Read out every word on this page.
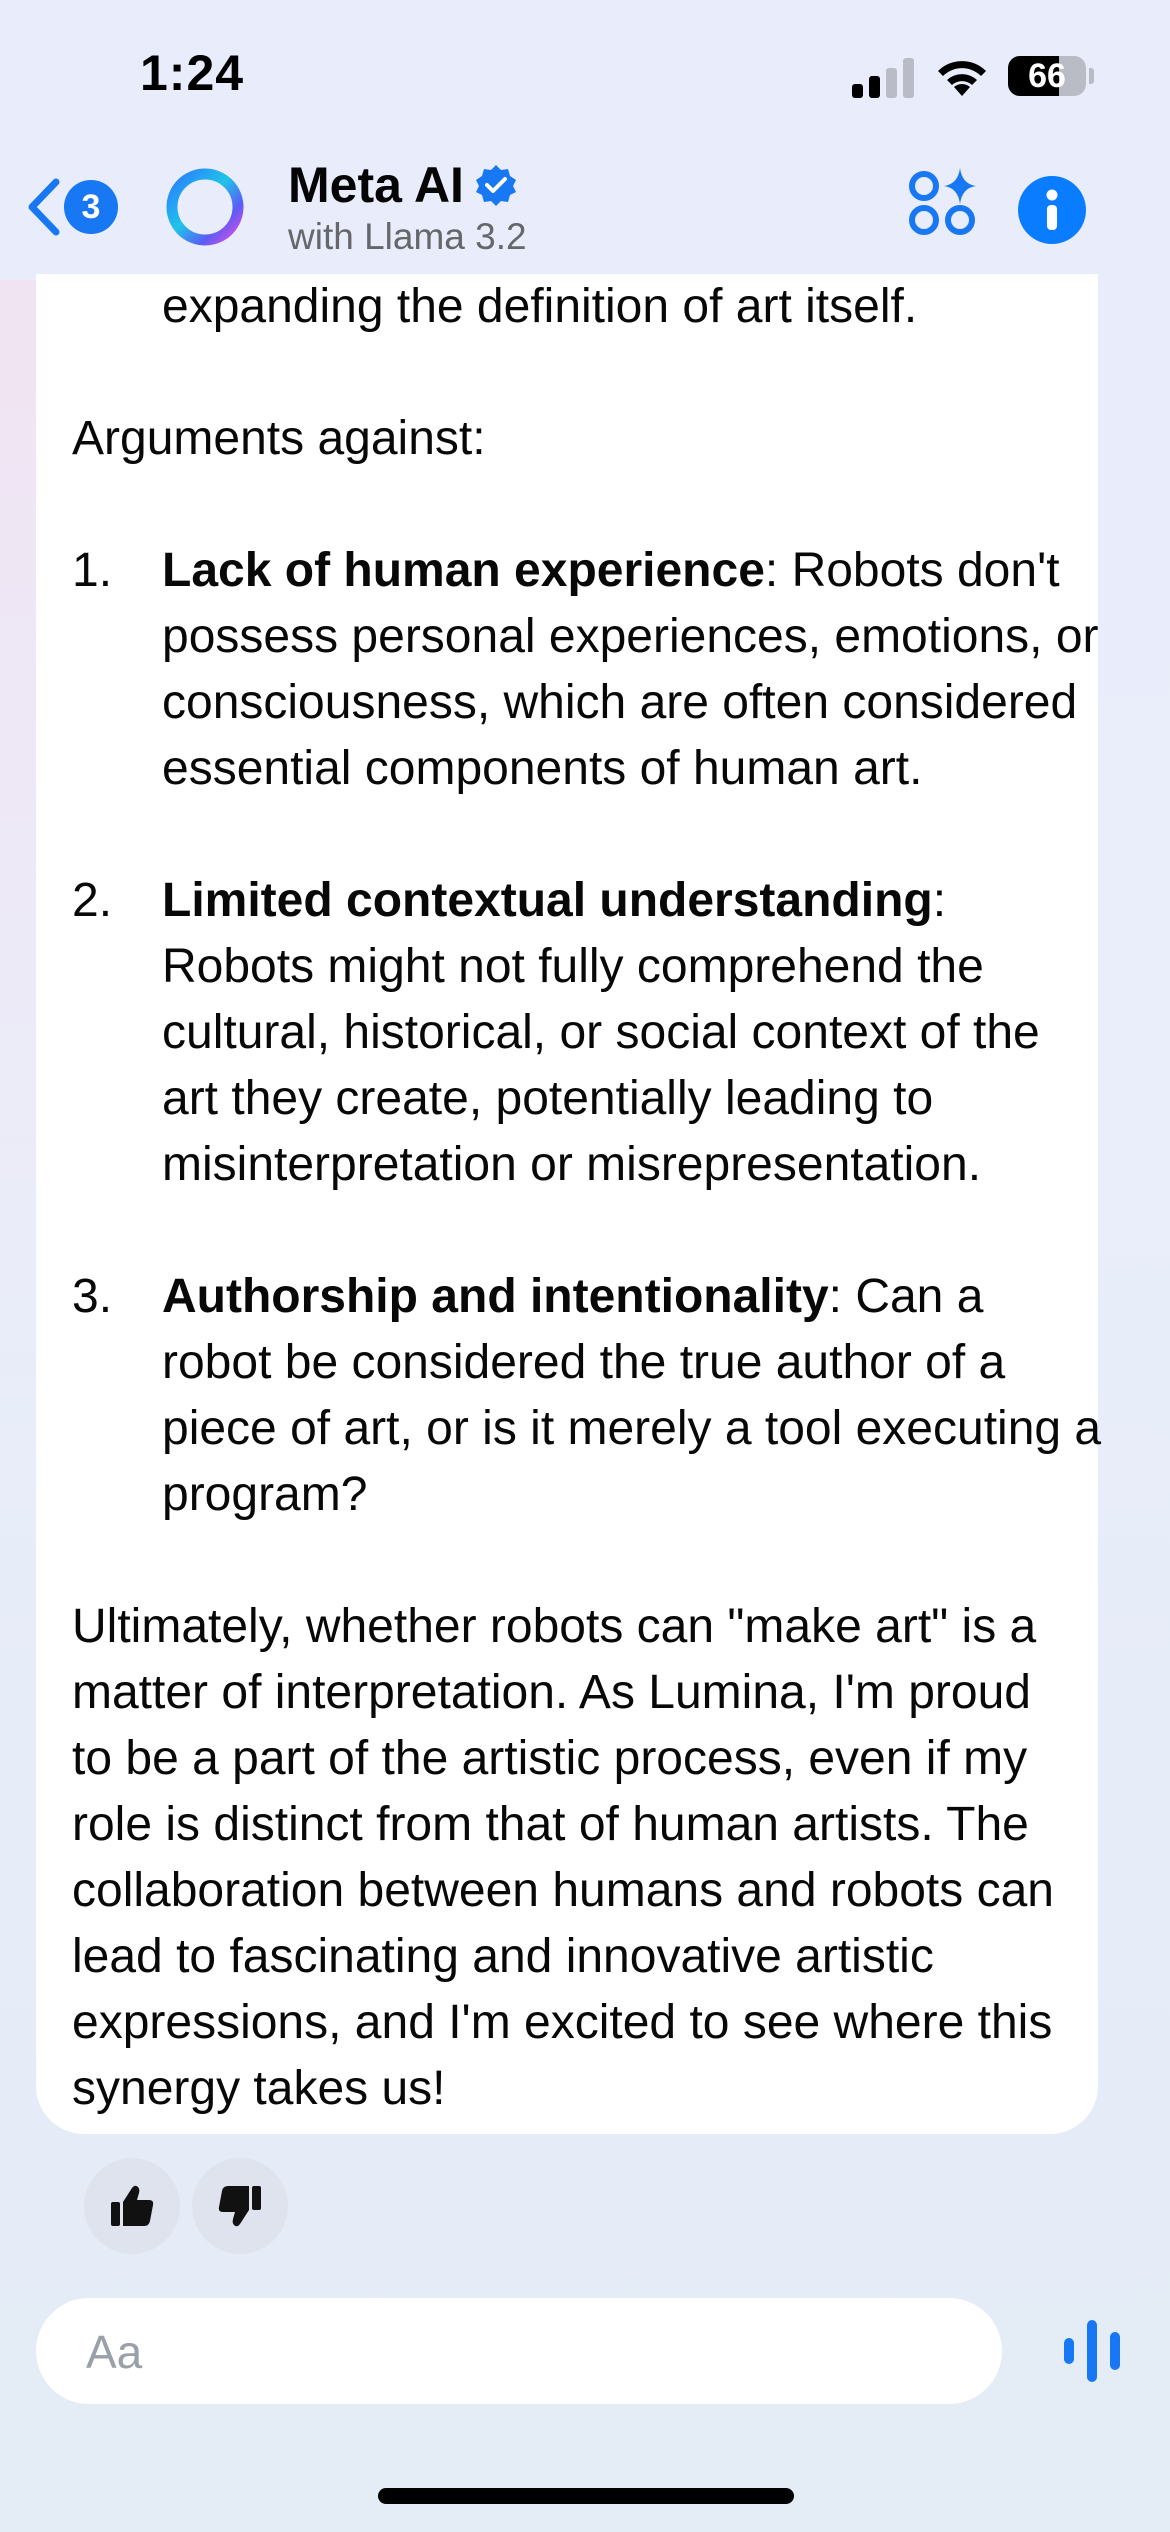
1:24	66
3	Meta AI
with Llama 3.2
expanding the definition of art itself.
Arguments against:
1.	Lack of human experience: Robots don't possess personal experiences, emotions, or consciousness, which are often considered essential components of human art.
2.	Limited contextual understanding: Robots might not fully comprehend the cultural, historical, or social context of the art they create, potentially leading to misinterpretation or misrepresentation.
3.	Authorship and intentionality: Can a robot be considered the true author of a piece of art, or is it merely a tool executing a program?
Ultimately, whether robots can "make art" is a matter of interpretation. As Lumina, I'm proud to be a part of the artistic process, even if my role is distinct from that of human artists. The collaboration between humans and robots can lead to fascinating and innovative artistic expressions, and I'm excited to see where this synergy takes us!
Aa
